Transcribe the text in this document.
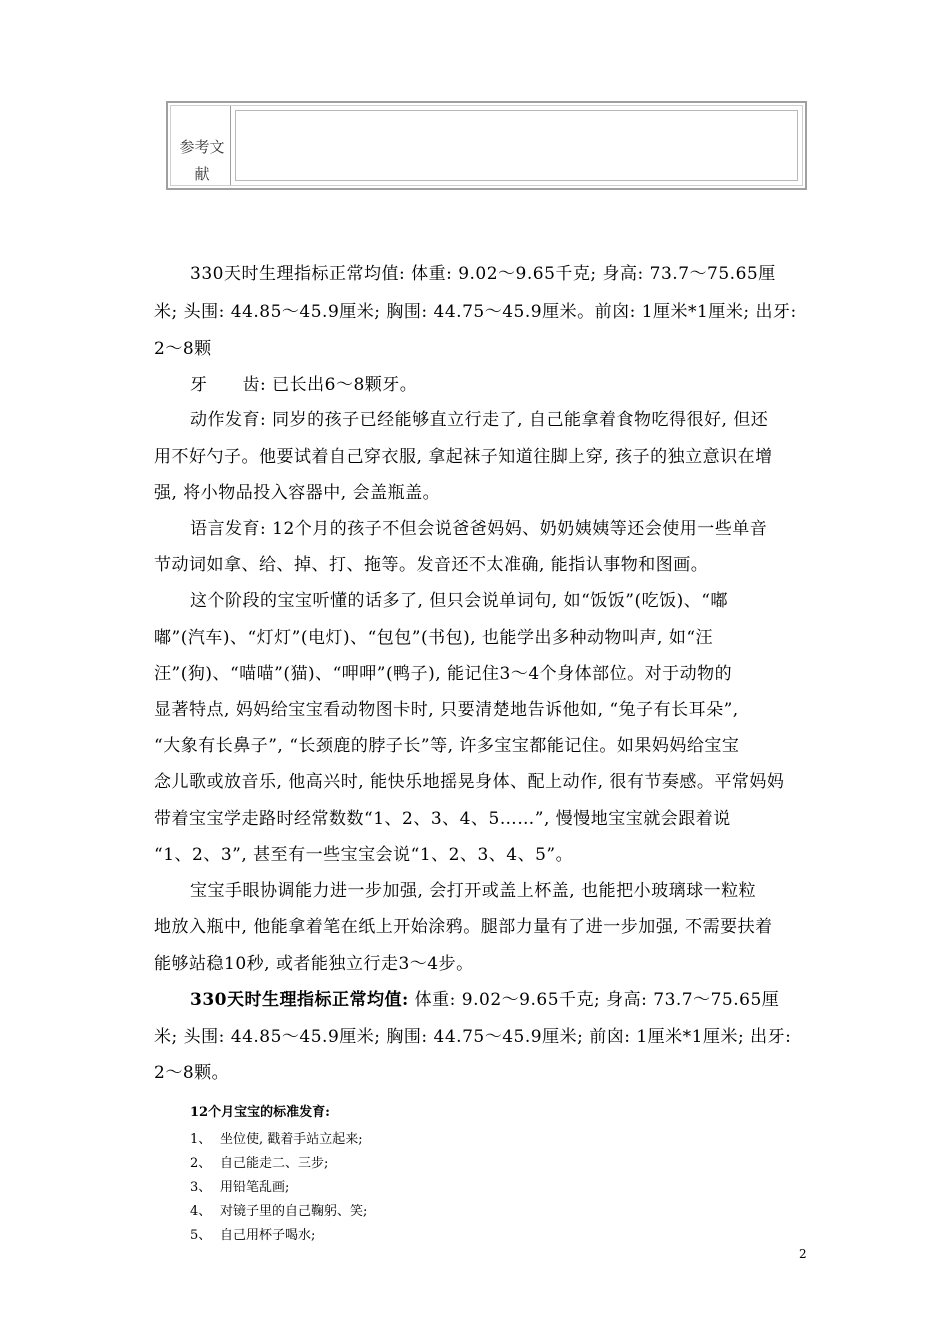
参考文
献
330天时生理指标正常均值: 体重: 9.02～9.65千克; 身高: 73.7～75.65厘
米; 头围: 44.85～45.9厘米; 胸围: 44.75～45.9厘米。前囟: 1厘米*1厘米; 出牙:
2～8颗
牙　　齿: 已长出6～8颗牙。
动作发育: 同岁的孩子已经能够直立行走了, 自己能拿着食物吃得很好, 但还
用不好勺子。他要试着自己穿衣服, 拿起袜子知道往脚上穿, 孩子的独立意识在增
强, 将小物品投入容器中, 会盖瓶盖。
语言发育: 12个月的孩子不但会说爸爸妈妈、奶奶姨姨等还会使用一些单音
节动词如拿、给、掉、打、拖等。发音还不太准确, 能指认事物和图画。
这个阶段的宝宝听懂的话多了, 但只会说单词句, 如“饭饭”(吃饭)、“嘟
嘟”(汽车)、“灯灯”(电灯)、“包包”(书包), 也能学出多种动物叫声, 如“汪
汪”(狗)、“喵喵”(猫)、“呷呷”(鸭子), 能记住3～4个身体部位。对于动物的
显著特点, 妈妈给宝宝看动物图卡时, 只要清楚地告诉他如, “兔子有长耳朵”,
“大象有长鼻子”, “长颈鹿的脖子长”等, 许多宝宝都能记住。如果妈妈给宝宝
念儿歌或放音乐, 他高兴时, 能快乐地摇晃身体、配上动作, 很有节奏感。平常妈妈
带着宝宝学走路时经常数数“1、2、3、4、5……”, 慢慢地宝宝就会跟着说
“1、2、3”, 甚至有一些宝宝会说“1、2、3、4、5”。
宝宝手眼协调能力进一步加强, 会打开或盖上杯盖, 也能把小玻璃球一粒粒
地放入瓶中, 他能拿着笔在纸上开始涂鸦。腿部力量有了进一步加强, 不需要扶着
能够站稳10秒, 或者能独立行走3～4步。
330天时生理指标正常均值: 体重: 9.02～9.65千克; 身高: 73.7～75.65厘
米; 头围: 44.85～45.9厘米; 胸围: 44.75～45.9厘米; 前囟: 1厘米*1厘米; 出牙:
2～8颗。
12个月宝宝的标准发育:
1、 坐位使, 戳着手站立起来;
2、 自己能走二、三步;
3、 用铅笔乱画;
4、 对镜子里的自己鞠躬、笑;
5、 自己用杯子喝水;
2
